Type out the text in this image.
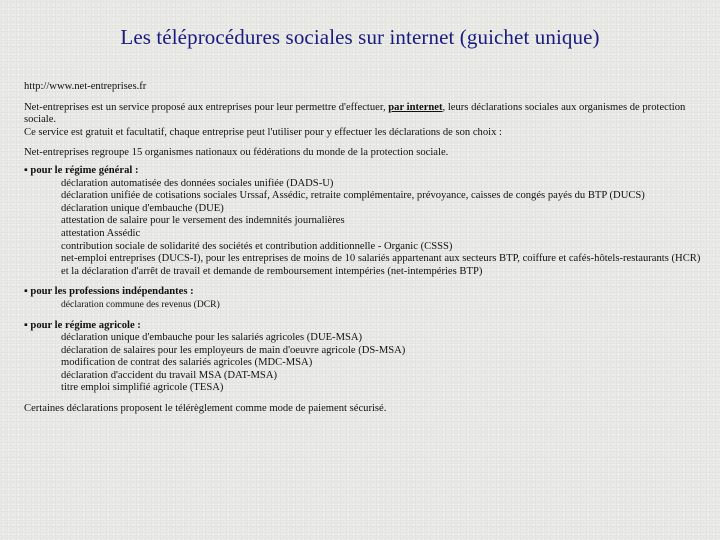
Les téléprocédures sociales sur internet (guichet unique)

http://www.net-entreprises.fr

Net-entreprises est un service proposé aux entreprises pour leur permettre d'effectuer, par internet, leurs déclarations sociales aux organismes de protection sociale.

Ce service est gratuit et facultatif, chaque entreprise peut l'utiliser pour y effectuer les déclarations de son choix :

Net-entreprises regroupe 15 organismes nationaux ou fédérations du monde de la protection sociale.

▪ pour le régime général :

déclaration automatisée des données sociales unifiée (DADS-U)
déclaration unifiée de cotisations sociales Urssaf, Assédic, retraite complémentaire, prévoyance, caisses de congés payés du BTP (DUCS)
déclaration unique d'embauche (DUE)
attestation de salaire pour le versement des indemnités journalières
attestation Assédic
contribution sociale de solidarité des sociétés et contribution additionnelle - Organic (CSSS)
net-emploi entreprises (DUCS-I), pour les entreprises de moins de 10 salariés appartenant aux secteurs BTP, coiffure et cafés-hôtels-restaurants (HCR)
et la déclaration d'arrêt de travail et demande de remboursement intempéries (net-intempéries BTP)

▪ pour les professions indépendantes :

déclaration commune des revenus (DCR)

▪ pour le régime agricole :

déclaration unique d'embauche pour les salariés agricoles (DUE-MSA)
déclaration de salaires pour les employeurs de main d'oeuvre agricole (DS-MSA)
modification de contrat des salariés agricoles (MDC-MSA)
déclaration d'accident du travail MSA (DAT-MSA)
titre emploi simplifié agricole (TESA)

Certaines déclarations proposent le télérèglement comme mode de paiement sécurisé.
